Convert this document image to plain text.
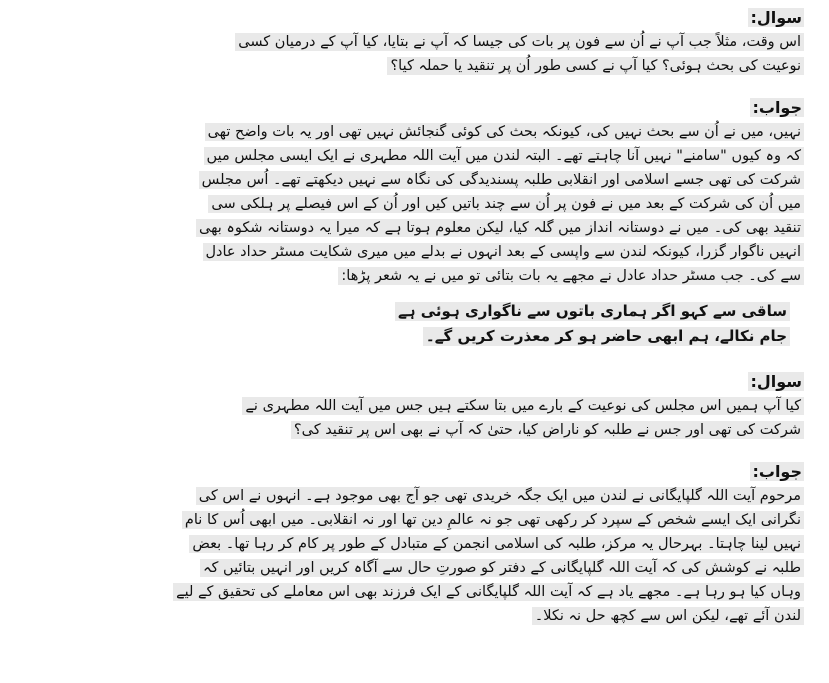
سوال:
اس وقت، مثلاً جب آپ نے اُن سے فون پر بات کی جیسا کہ آپ نے بتایا، کیا آپ کے درمیان کسی
نوعیت کی بحث ہوئی؟ کیا آپ نے کسی طور اُن پر تنقید یا حملہ کیا؟
جواب:
نہیں، میں نے اُن سے بحث نہیں کی، کیونکہ بحث کی کوئی گنجائش نہیں تھی اور یہ بات واضح تھی
کہ وہ کیوں "سامنے" نہیں آنا چاہتے تھے۔ البتہ لندن میں آیت اللہ مطہری نے ایک ایسی مجلس میں
شرکت کی تھی جسے اسلامی اور انقلابی طلبہ پسندیدگی کی نگاہ سے نہیں دیکھتے تھے۔ اُس مجلس
میں اُن کی شرکت کے بعد میں نے فون پر اُن سے چند باتیں کیں اور اُن کے اس فیصلے پر ہلکی سی
تنقید بھی کی۔ میں نے دوستانہ انداز میں گلہ کیا، لیکن معلوم ہوتا ہے کہ میرا یہ دوستانہ شکوہ بھی
انہیں ناگوار گزرا، کیونکہ لندن سے واپسی کے بعد انہوں نے بدلے میں میری شکایت مسٹر حداد عادل
سے کی۔ جب مسٹر حداد عادل نے مجھے یہ بات بتائی تو میں نے یہ شعر پڑھا:
ساقی سے کہو اگر ہماری باتوں سے ناگواری ہوئی ہے
جام نکالے، ہم ابھی حاضر ہو کر معذرت کریں گے۔
سوال:
کیا آپ ہمیں اس مجلس کی نوعیت کے بارے میں بتا سکتے ہیں جس میں آیت اللہ مطہری نے
شرکت کی تھی اور جس نے طلبہ کو ناراض کیا، حتیٰ کہ آپ نے بھی اس پر تنقید کی؟
جواب:
مرحوم آیت اللہ گلپایگانی نے لندن میں ایک جگہ خریدی تھی جو آج بھی موجود ہے۔ انہوں نے اس کی
نگرانی ایک ایسے شخص کے سپرد کر رکھی تھی جو نہ عالمِ دین تھا اور نہ انقلابی۔ میں ابھی اُس کا نام
نہیں لینا چاہتا۔ بہرحال یہ مرکز، طلبہ کی اسلامی انجمن کے متبادل کے طور پر کام کر رہا تھا۔ بعض
طلبہ نے کوشش کی کہ آیت اللہ گلپایگانی کے دفتر کو صورتِ حال سے آگاہ کریں اور انہیں بتائیں کہ
وہاں کیا ہو رہا ہے۔ مجھے یاد ہے کہ آیت اللہ گلپایگانی کے ایک فرزند بھی اس معاملے کی تحقیق کے لیے
لندن آئے تھے، لیکن اس سے کچھ حل نہ نکلا۔
